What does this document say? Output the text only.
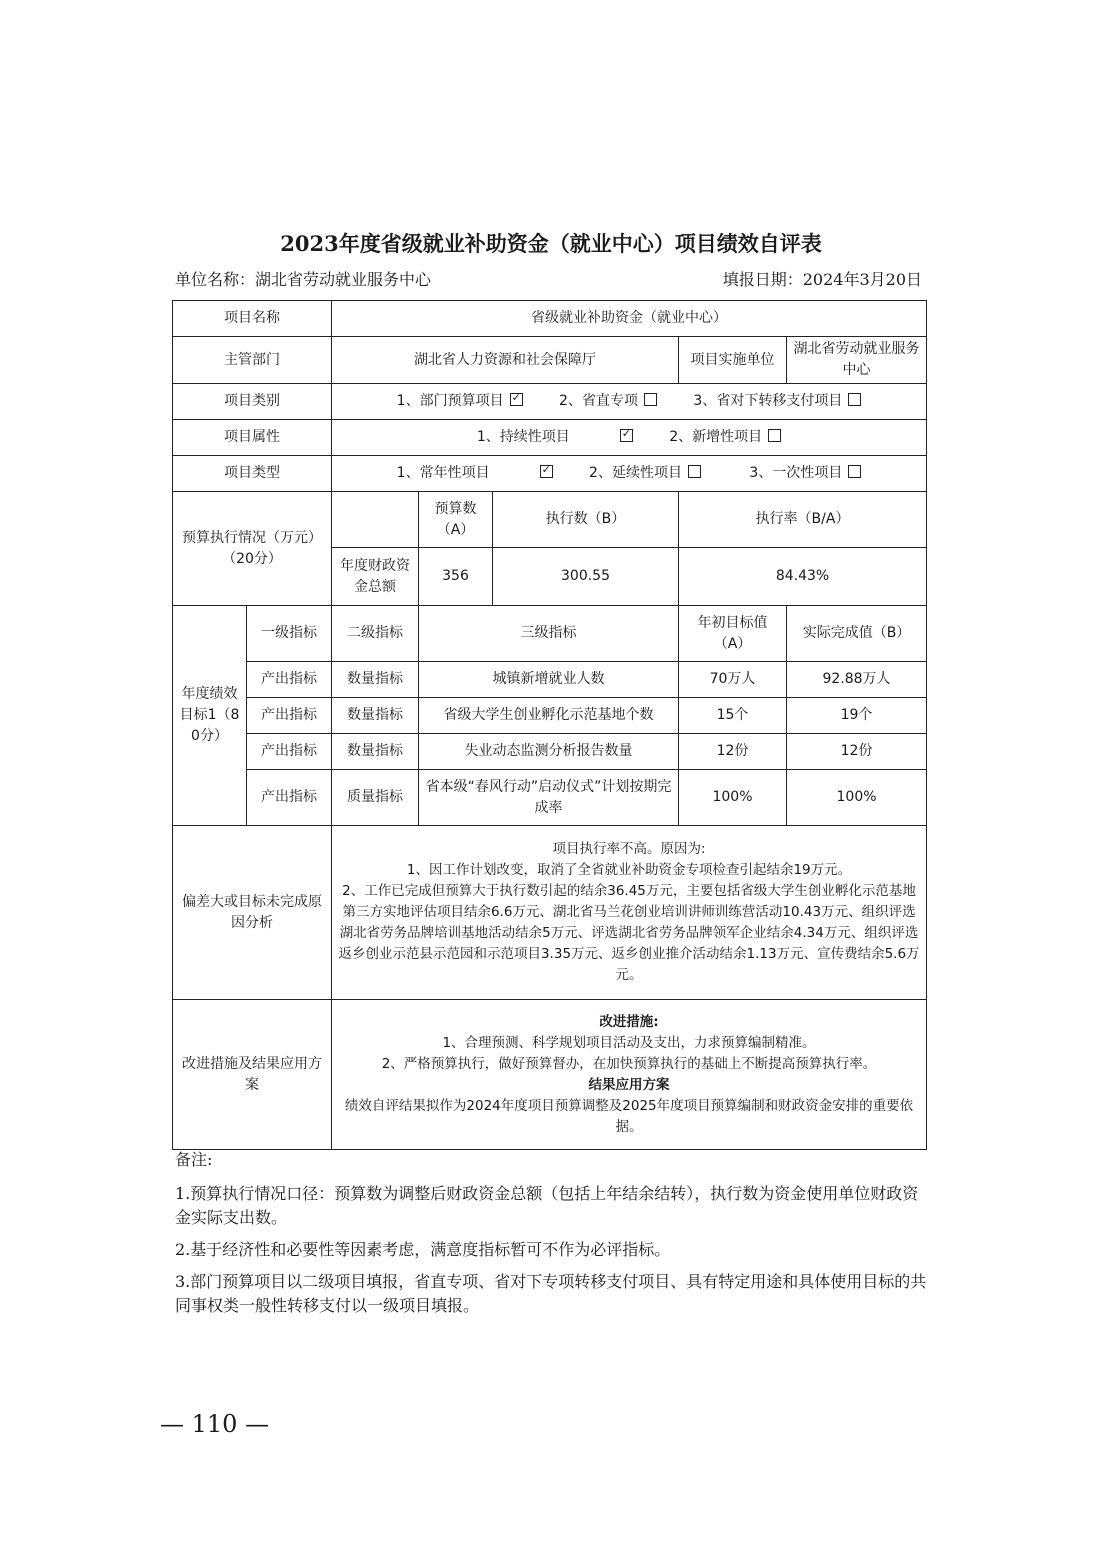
2023年度省级就业补助资金（就业中心）项目绩效自评表
单位名称：湖北省劳动就业服务中心	填报日期：2024年3月20日
项目名称		省级就业补助资金（就业中心）				
主管部门		湖北省人力资源和社会保障厅			项目实施单位	湖北省劳动就业服务中心
项目类别		1、部门预算项目 ✓ 2、省直专项 3、省对下转移支付项目
项目属性		1、持续性项目 ✓ 2、新增性项目
项目类型		1、常年性项目 ✓ 2、延续性项目 3、一次性项目
预算执行情况（万元）（20分）			预算数（A）	执行数（B）	执行率（B/A）	
		年度财政资金总额	356	300.55	84.43%	
年度绩效目标1（80分）	一级指标	二级指标	三级指标		年初目标值（A）	实际完成值（B）
	产出指标	数量指标	城镇新增就业人数		70万人	92.88万人
	产出指标	数量指标	省级大学生创业孵化示范基地个数		15个	19个
	产出指标	数量指标	失业动态监测分析报告数量		12份	12份
	产出指标	质量指标	省本级“春风行动”启动仪式”计划按期完成率		100%	100%
偏差大或目标未完成原因分析		项目执行率不高。原因为:
1、因工作计划改变，取消了全省就业补助资金专项检查引起结余19万元。
2、工作已完成但预算大于执行数引起的结余36.45万元，主要包括省级大学生创业孵化示范基地第三方实地评估项目结余6.6万元、湖北省马兰花创业培训讲师训练营活动10.43万元、组织评选湖北省劳务品牌培训基地活动结余5万元、评选湖北省劳务品牌领军企业结余4.34万元、组织评选返乡创业示范县示范园和示范项目3.35万元、返乡创业推介活动结余1.13万元、宣传费结余5.6万元。				

改进措施及结果应用方案		改进措施:
1、合理预测、科学规划项目活动及支出，力求预算编制精准。
2、严格预算执行，做好预算督办，在加快预算执行的基础上不断提高预算执行率。
结果应用方案
绩效自评结果拟作为2024年度项目预算调整及2025年度项目预算编制和财政资金安排的重要依据。				
备注:
1.预算执行情况口径：预算数为调整后财政资金总额（包括上年结余结转），执行数为资金使用单位财政资金实际支出数。
2.基于经济性和必要性等因素考虑，满意度指标暂可不作为必评指标。
3.部门预算项目以二级项目填报，省直专项、省对下专项转移支付项目、具有特定用途和具体使用目标的共同事权类一般性转移支付以一级项目填报。
— 110 —
